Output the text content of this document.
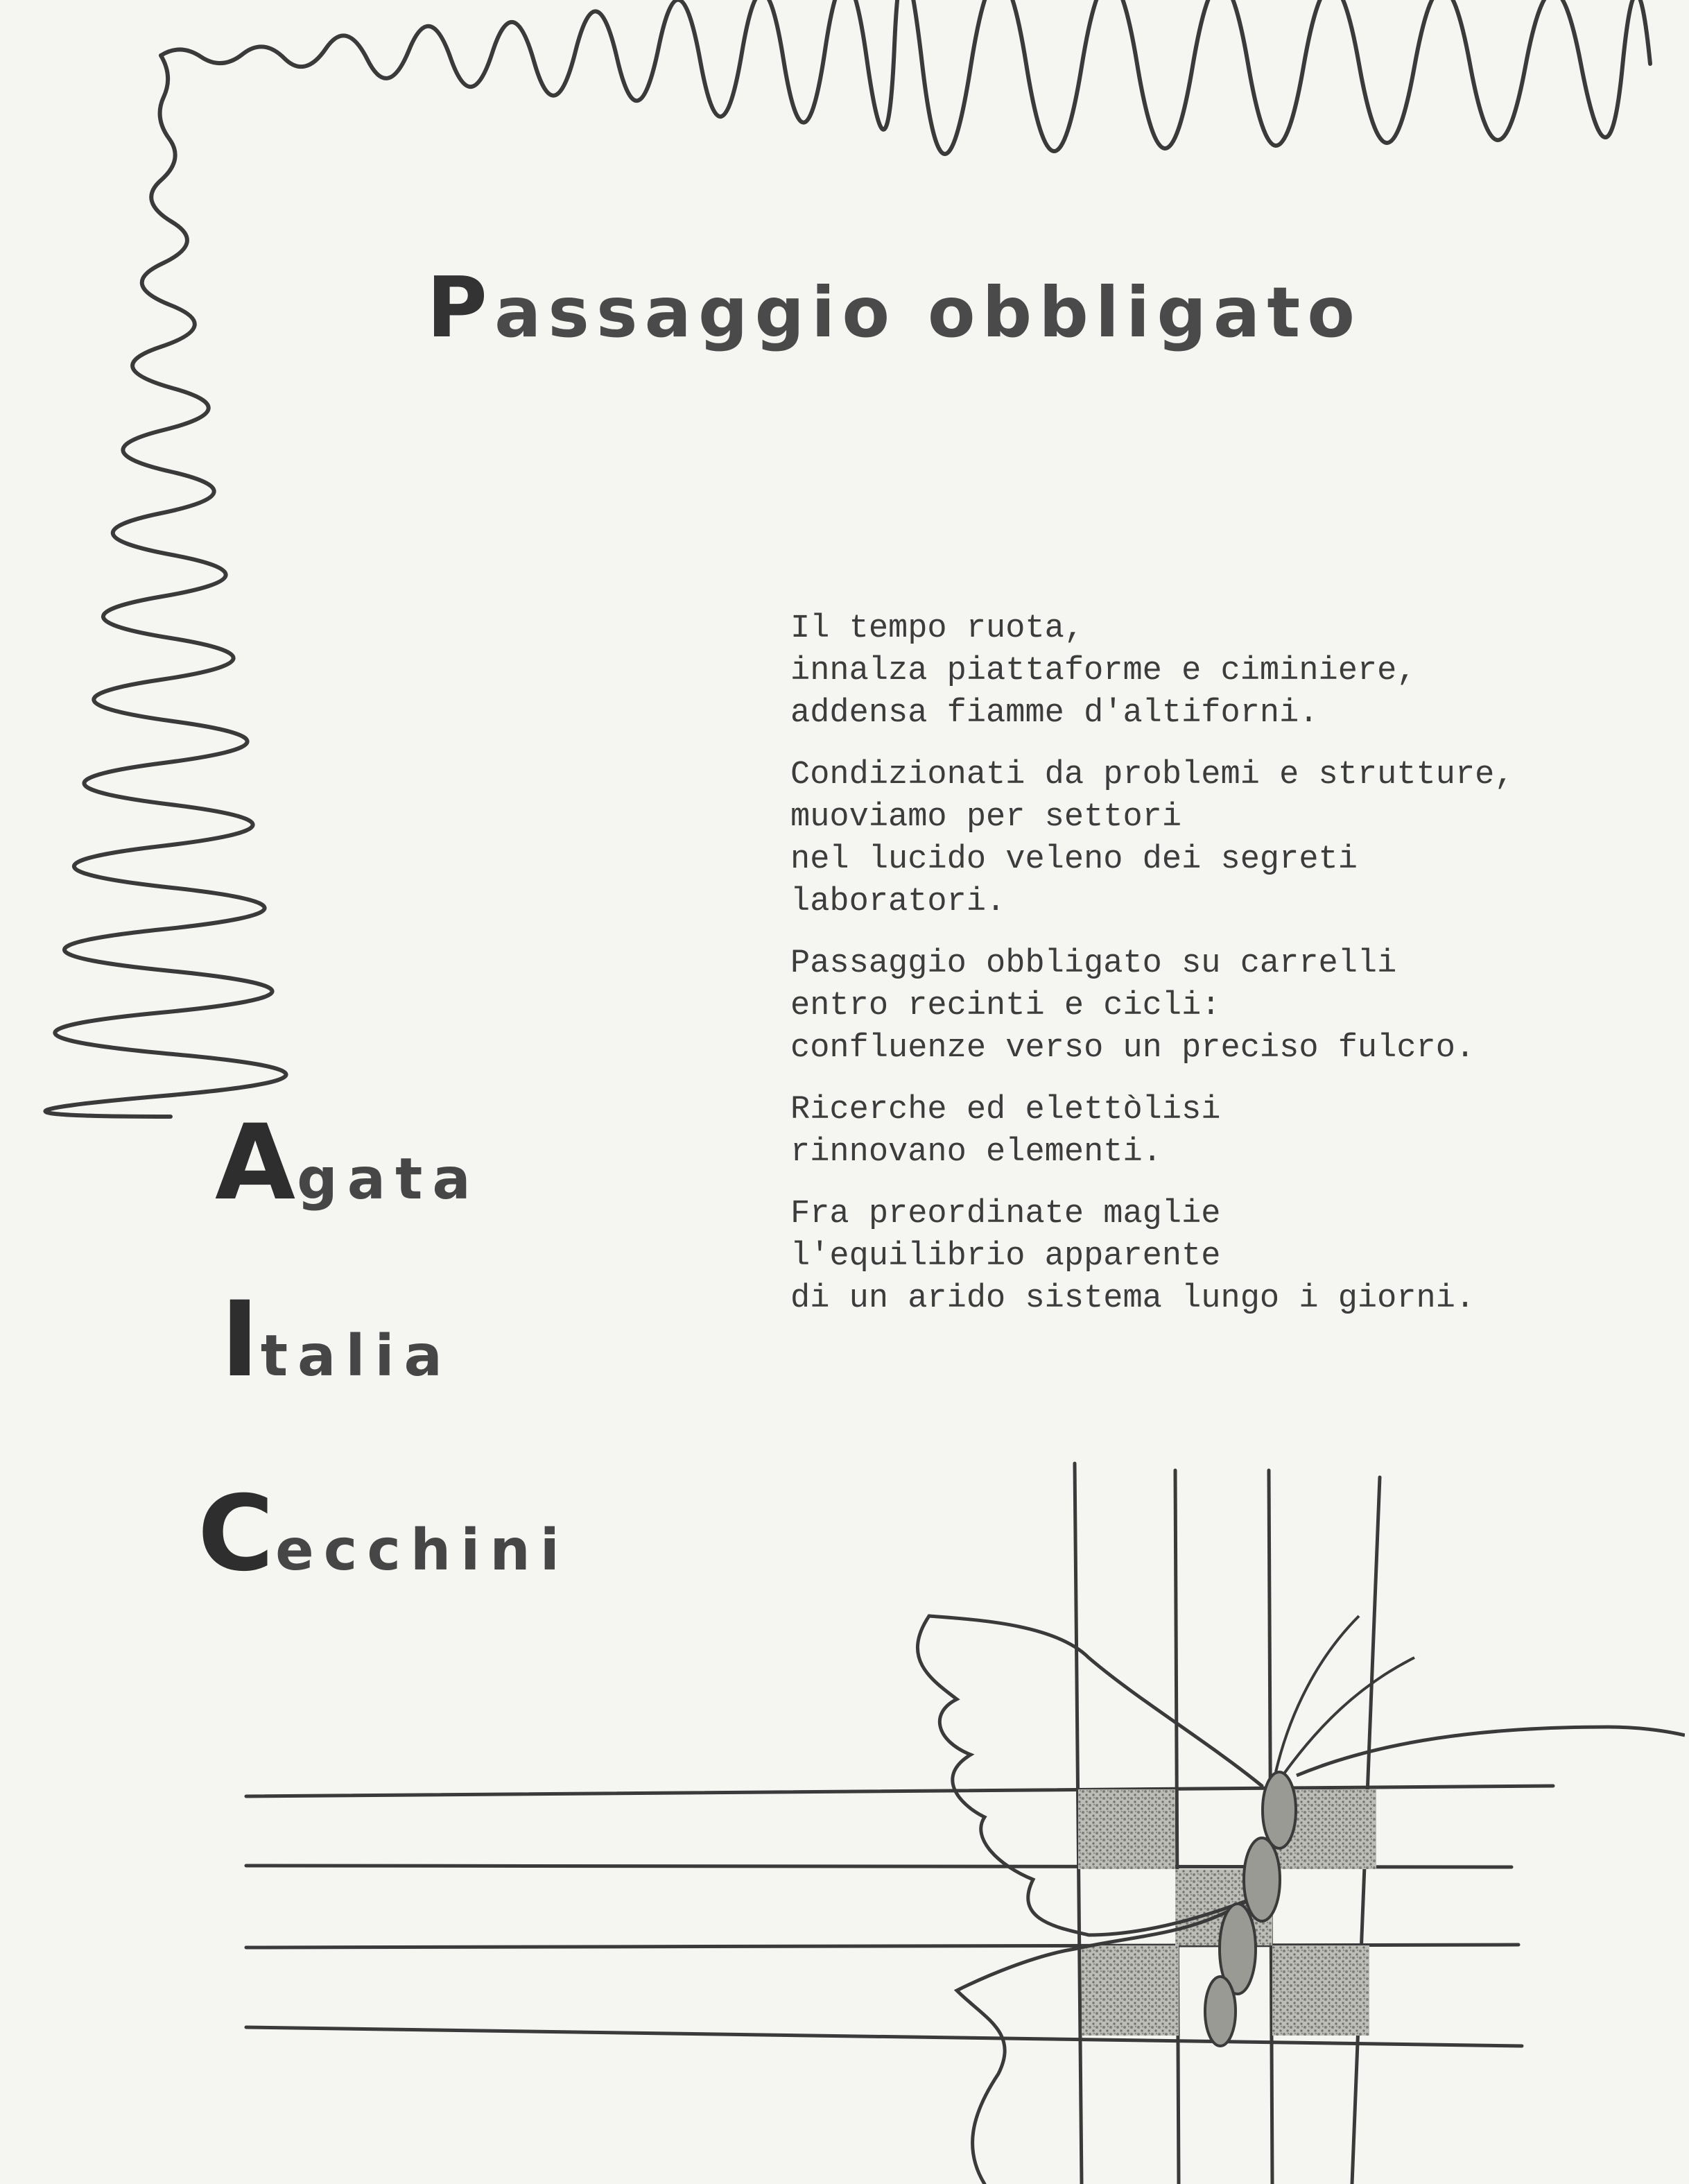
Passaggio obbligato

Il tempo ruota,
innalza piattaforme e ciminiere,
addensa fiamme d'altiforni.

Condizionati da problemi e strutture,
muoviamo per settori
nel lucido veleno dei segreti
laboratori.

Passaggio obbligato su carrelli
entro recinti e cicli:
confluenze verso un preciso fulcro.

Ricerche ed elettòlisi
rinnovano elementi.

Fra preordinate maglie
l'equilibrio apparente
di un arido sistema lungo i giorni.

Agata

Italia

Cecchini
